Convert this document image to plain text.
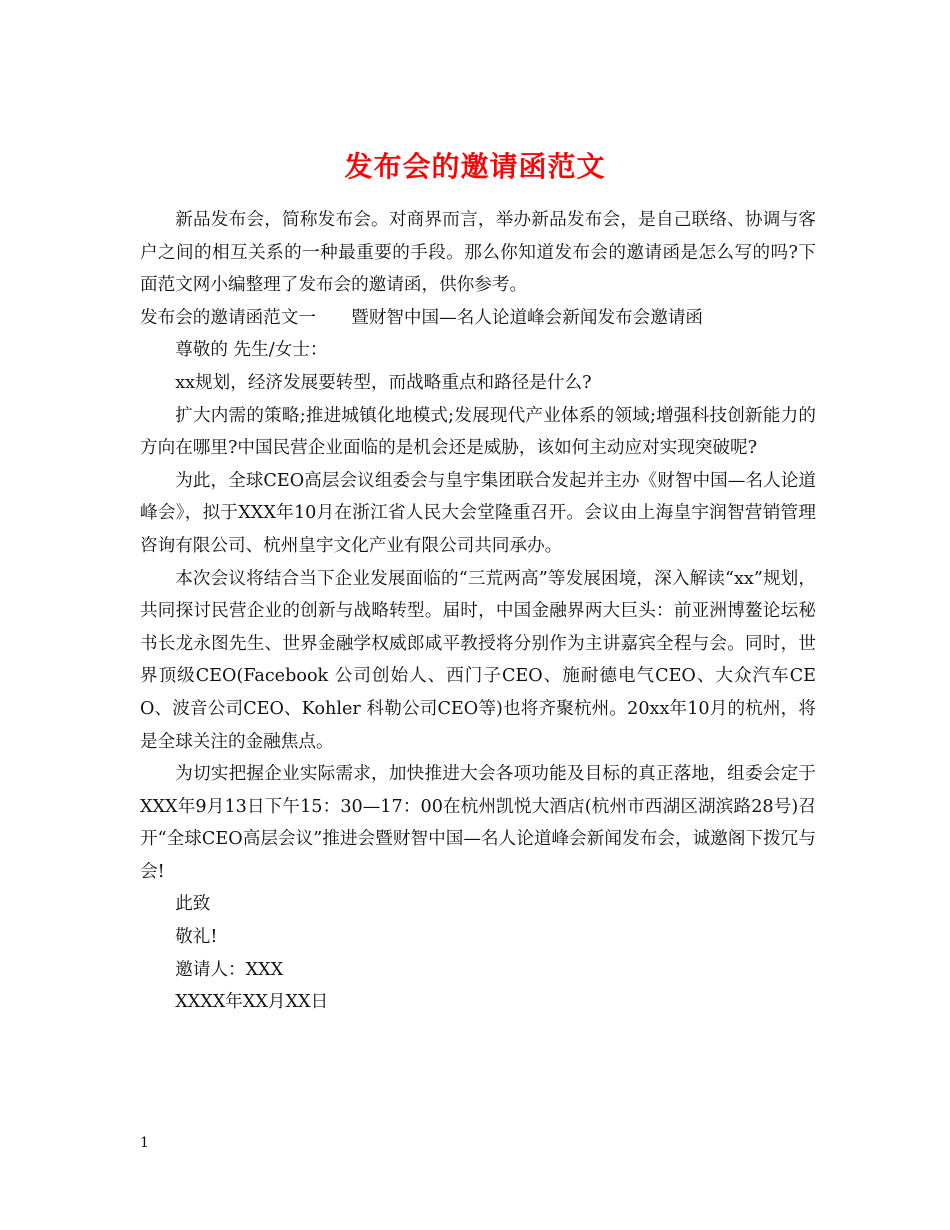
发布会的邀请函范文

新品发布会，简称发布会。对商界而言，举办新品发布会，是自己联络、协调与客户之间的相互关系的一种最重要的手段。那么你知道发布会的邀请函是怎么写的吗?下面范文网小编整理了发布会的邀请函，供你参考。

发布会的邀请函范文一　　暨财智中国—名人论道峰会新闻发布会邀请函

尊敬的 先生/女士：

xx规划，经济发展要转型，而战略重点和路径是什么?

扩大内需的策略;推进城镇化地模式;发展现代产业体系的领域;增强科技创新能力的方向在哪里?中国民营企业面临的是机会还是威胁，该如何主动应对实现突破呢?

为此，全球CEO高层会议组委会与皇宇集团联合发起并主办《财智中国—名人论道峰会》，拟于XXX年10月在浙江省人民大会堂隆重召开。会议由上海皇宇润智营销管理咨询有限公司、杭州皇宇文化产业有限公司共同承办。

本次会议将结合当下企业发展面临的“三荒两高”等发展困境，深入解读“xx”规划，共同探讨民营企业的创新与战略转型。届时，中国金融界两大巨头：前亚洲博鳌论坛秘书长龙永图先生、世界金融学权威郎咸平教授将分别作为主讲嘉宾全程与会。同时，世界顶级CEO(Facebook 公司创始人、西门子CEO、施耐德电气CEO、大众汽车CEO、波音公司CEO、Kohler 科勒公司CEO等)也将齐聚杭州。20xx年10月的杭州，将是全球关注的金融焦点。

为切实把握企业实际需求，加快推进大会各项功能及目标的真正落地，组委会定于XXX年9月13日下午15：30—17：00在杭州凯悦大酒店(杭州市西湖区湖滨路28号)召开“全球CEO高层会议”推进会暨财智中国—名人论道峰会新闻发布会，诚邀阁下拨冗与会!

此致

敬礼!

邀请人：XXX

XXXX年XX月XX日

1
